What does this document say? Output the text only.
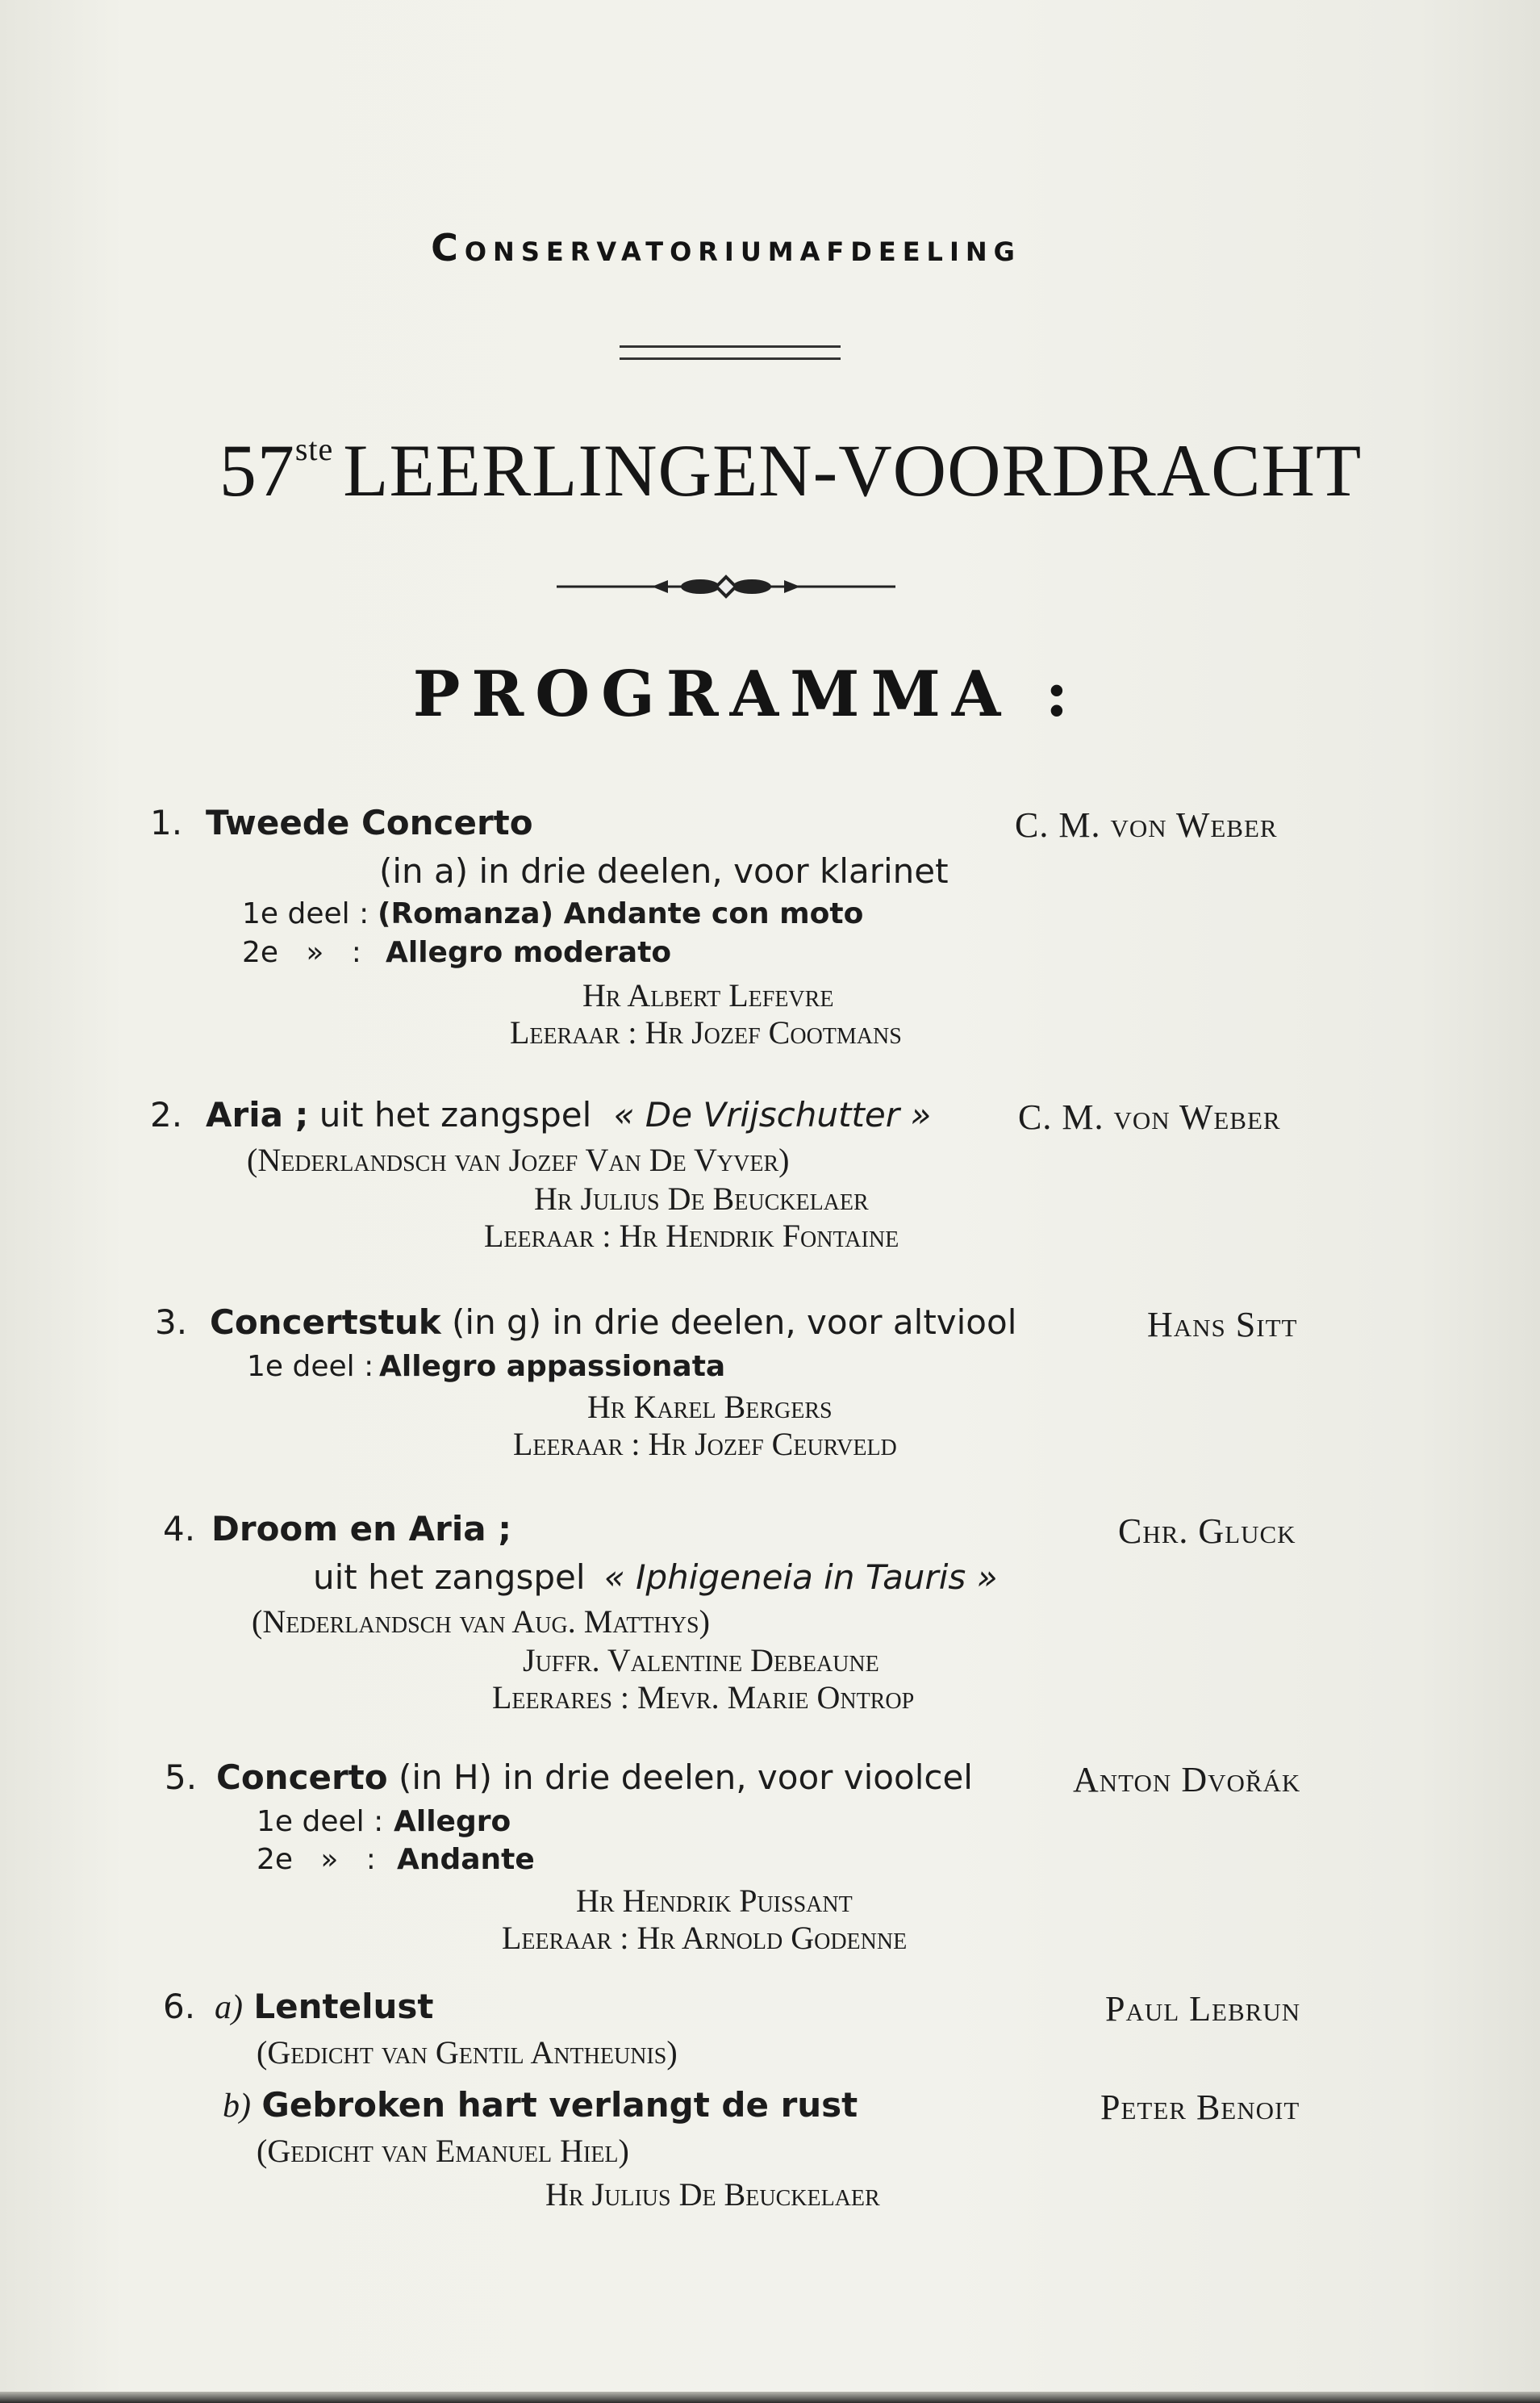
Conservatoriumafdeeling
57ste LEERLINGEN-VOORDRACHT
PROGRAMMA :
1. Tweede Concerto	C. M. von Weber
(in a) in drie deelen, voor klarinet
1e deel : (Romanza) Andante con moto
2e   »   : Allegro moderato
Hr Albert Lefevre
Leeraar : Hr Jozef Cootmans
2. Aria ; uit het zangspel « De Vrijschutter » C. M. von Weber
(Nederlandsch van Jozef Van De Vyver)
Hr Julius De Beuckelaer
Leeraar : Hr Hendrik Fontaine
3. Concertstuk (in g) in drie deelen, voor altviool	Hans Sitt
1e deel : Allegro appassionata
Hr Karel Bergers
Leeraar : Hr Jozef Ceurveld
4. Droom en Aria ;	Chr. Gluck
uit het zangspel « Iphigeneia in Tauris »
(Nederlandsch van Aug. Matthys)
Juffr. Valentine Debeaune
Leerares : Mevr. Marie Ontrop
5. Concerto (in H) in drie deelen, voor vioolcel	Anton Dvořák
1e deel : Allegro
2e   »   : Andante
Hr Hendrik Puissant
Leeraar : Hr Arnold Godenne
6. a) Lentelust	Paul Lebrun
(Gedicht van Gentil Antheunis)
b) Gebroken hart verlangt de rust	Peter Benoit
(Gedicht van Emanuel Hiel)
Hr Julius De Beuckelaer
